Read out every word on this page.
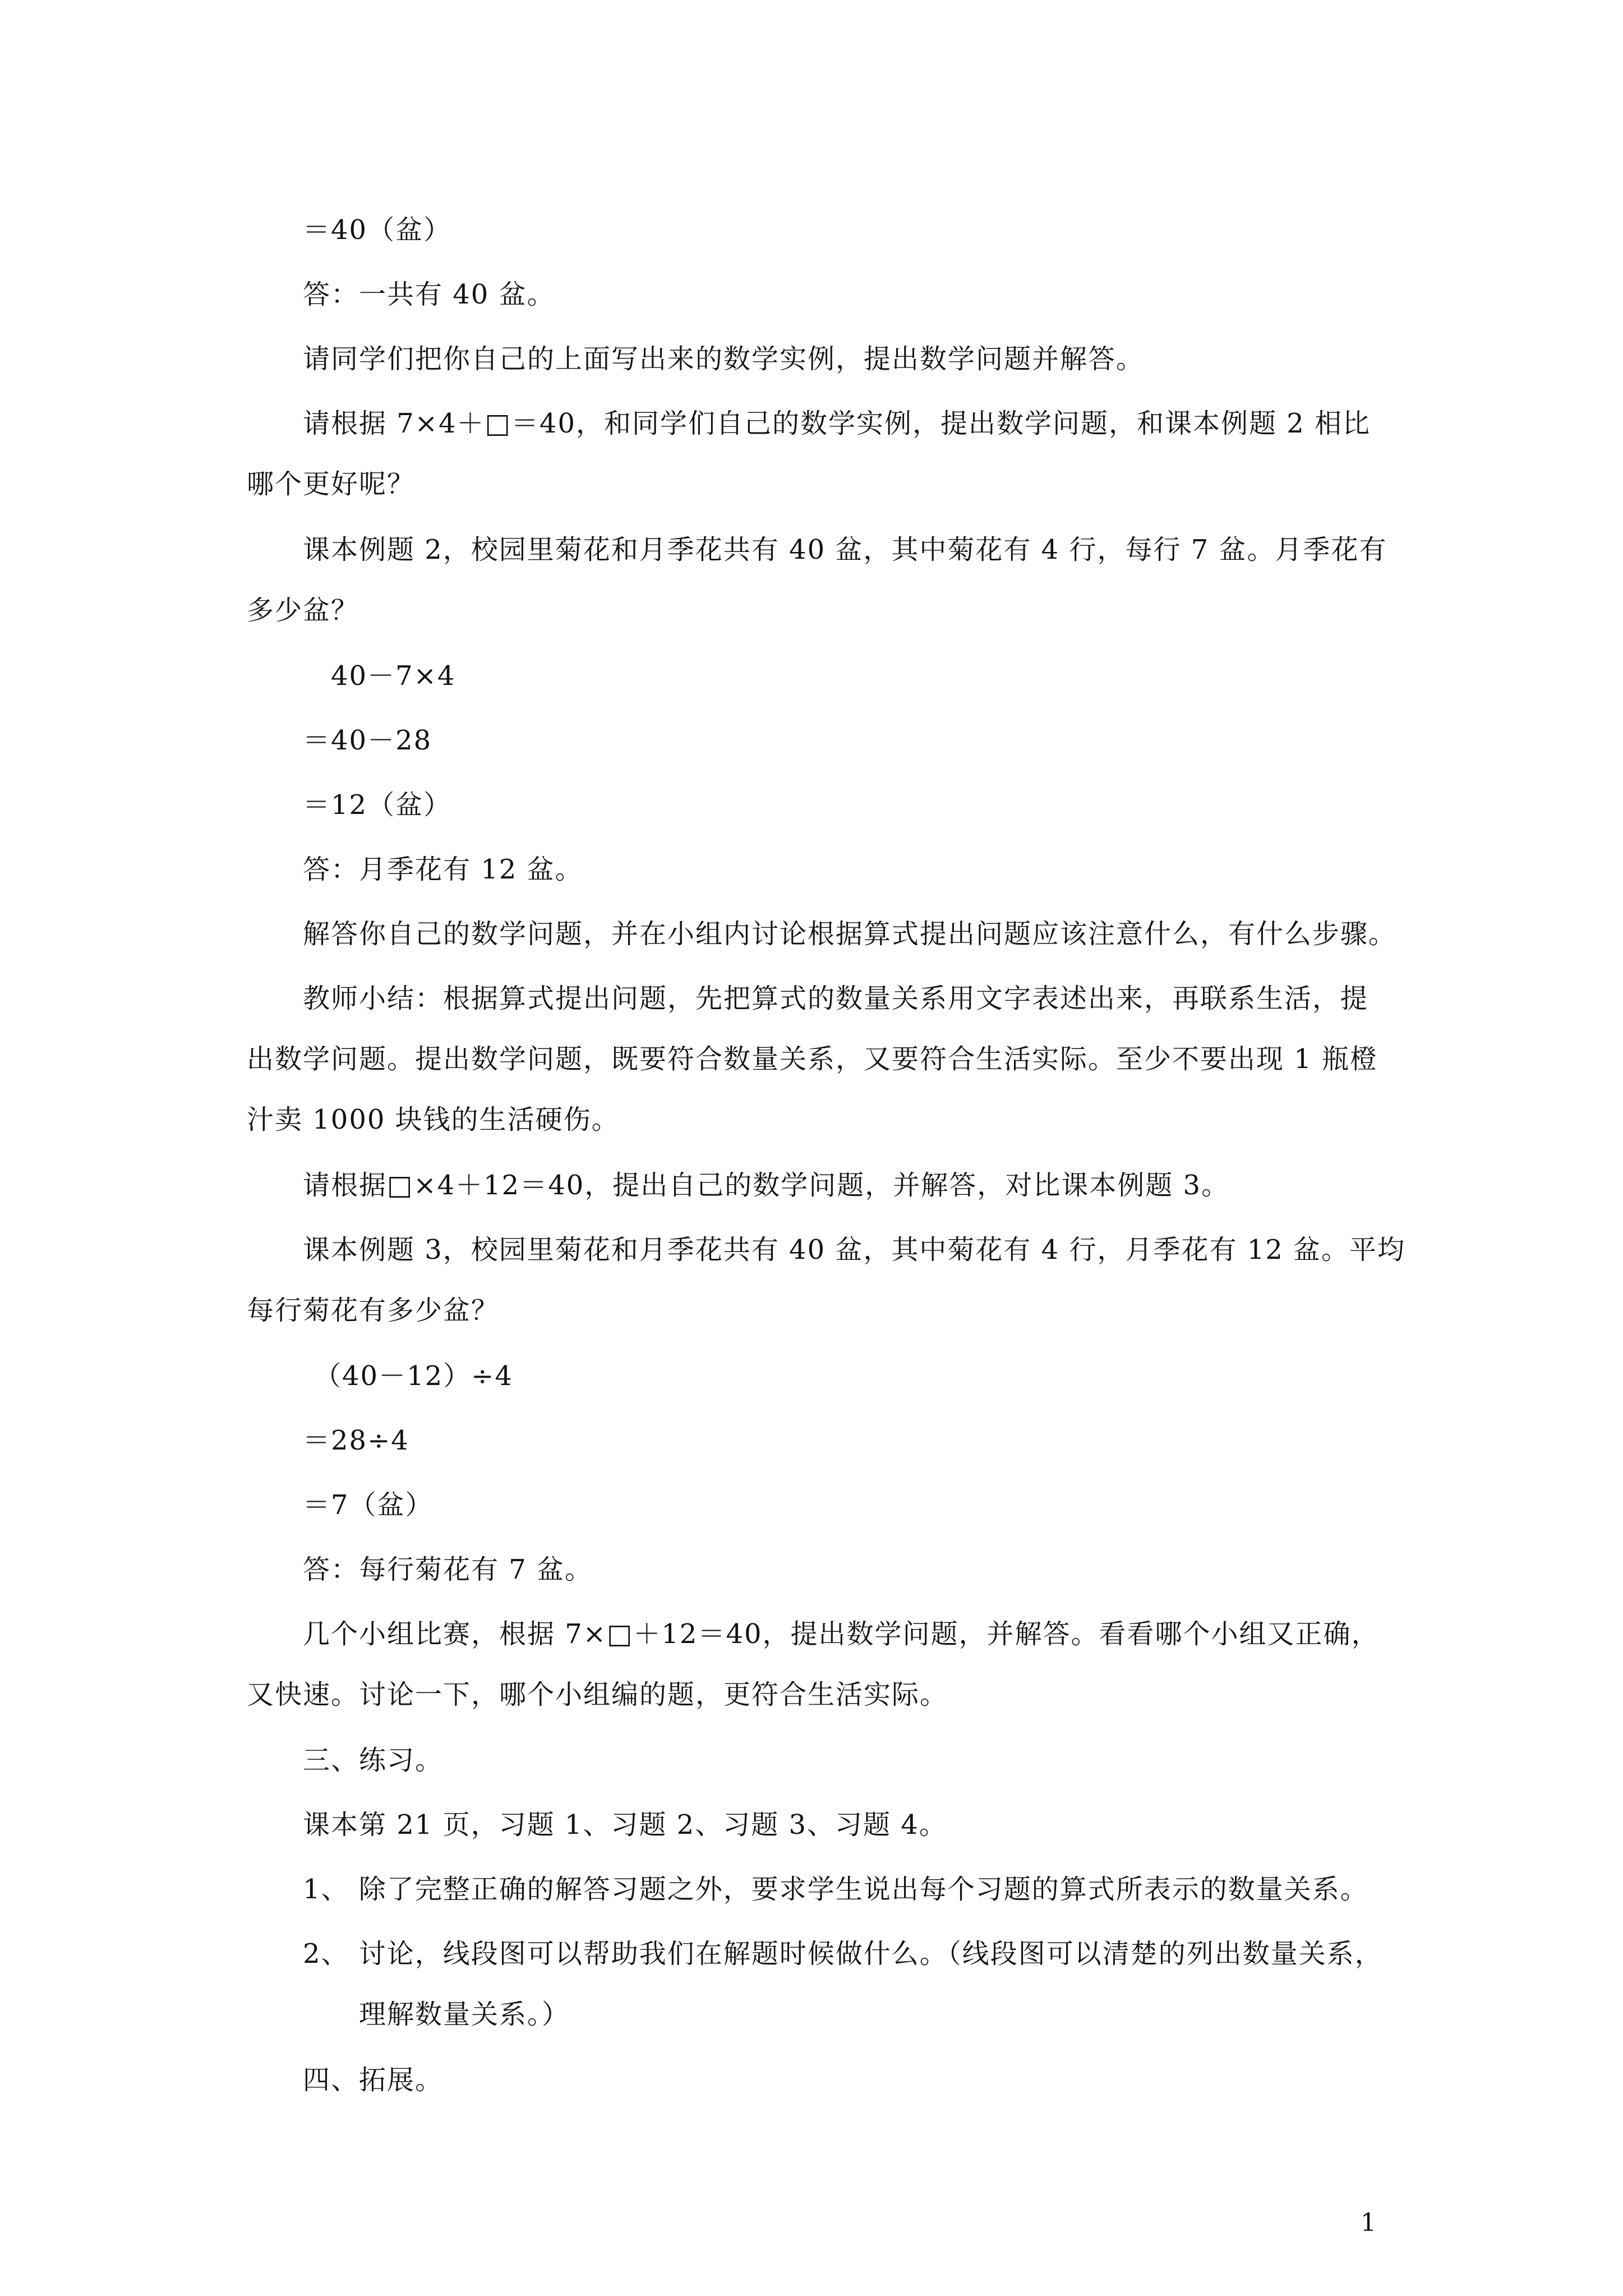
＝40（盆）
答：一共有 40 盆。
请同学们把你自己的上面写出来的数学实例，提出数学问题并解答。
请根据 7×4＋□＝40，和同学们自己的数学实例，提出数学问题，和课本例题 2 相比
哪个更好呢？
课本例题 2，校园里菊花和月季花共有 40 盆，其中菊花有 4 行，每行 7 盆。月季花有
多少盆？
40－7×4
＝40－28
＝12（盆）
答：月季花有 12 盆。
解答你自己的数学问题，并在小组内讨论根据算式提出问题应该注意什么，有什么步骤。
教师小结：根据算式提出问题，先把算式的数量关系用文字表述出来，再联系生活，提
出数学问题。提出数学问题，既要符合数量关系，又要符合生活实际。至少不要出现 1 瓶橙
汁卖 1000 块钱的生活硬伤。
请根据□×4＋12＝40，提出自己的数学问题，并解答，对比课本例题 3。
课本例题 3，校园里菊花和月季花共有 40 盆，其中菊花有 4 行，月季花有 12 盆。平均
每行菊花有多少盆？
（40－12）÷4
＝28÷4
＝7（盆）
答：每行菊花有 7 盆。
几个小组比赛，根据 7×□＋12＝40，提出数学问题，并解答。看看哪个小组又正确，
又快速。讨论一下，哪个小组编的题，更符合生活实际。
三、练习。
课本第 21 页，习题 1、习题 2、习题 3、习题 4。
1、 除了完整正确的解答习题之外，要求学生说出每个习题的算式所表示的数量关系。
2、 讨论，线段图可以帮助我们在解题时候做什么。（线段图可以清楚的列出数量关系，
理解数量关系。）
四、拓展。
1
